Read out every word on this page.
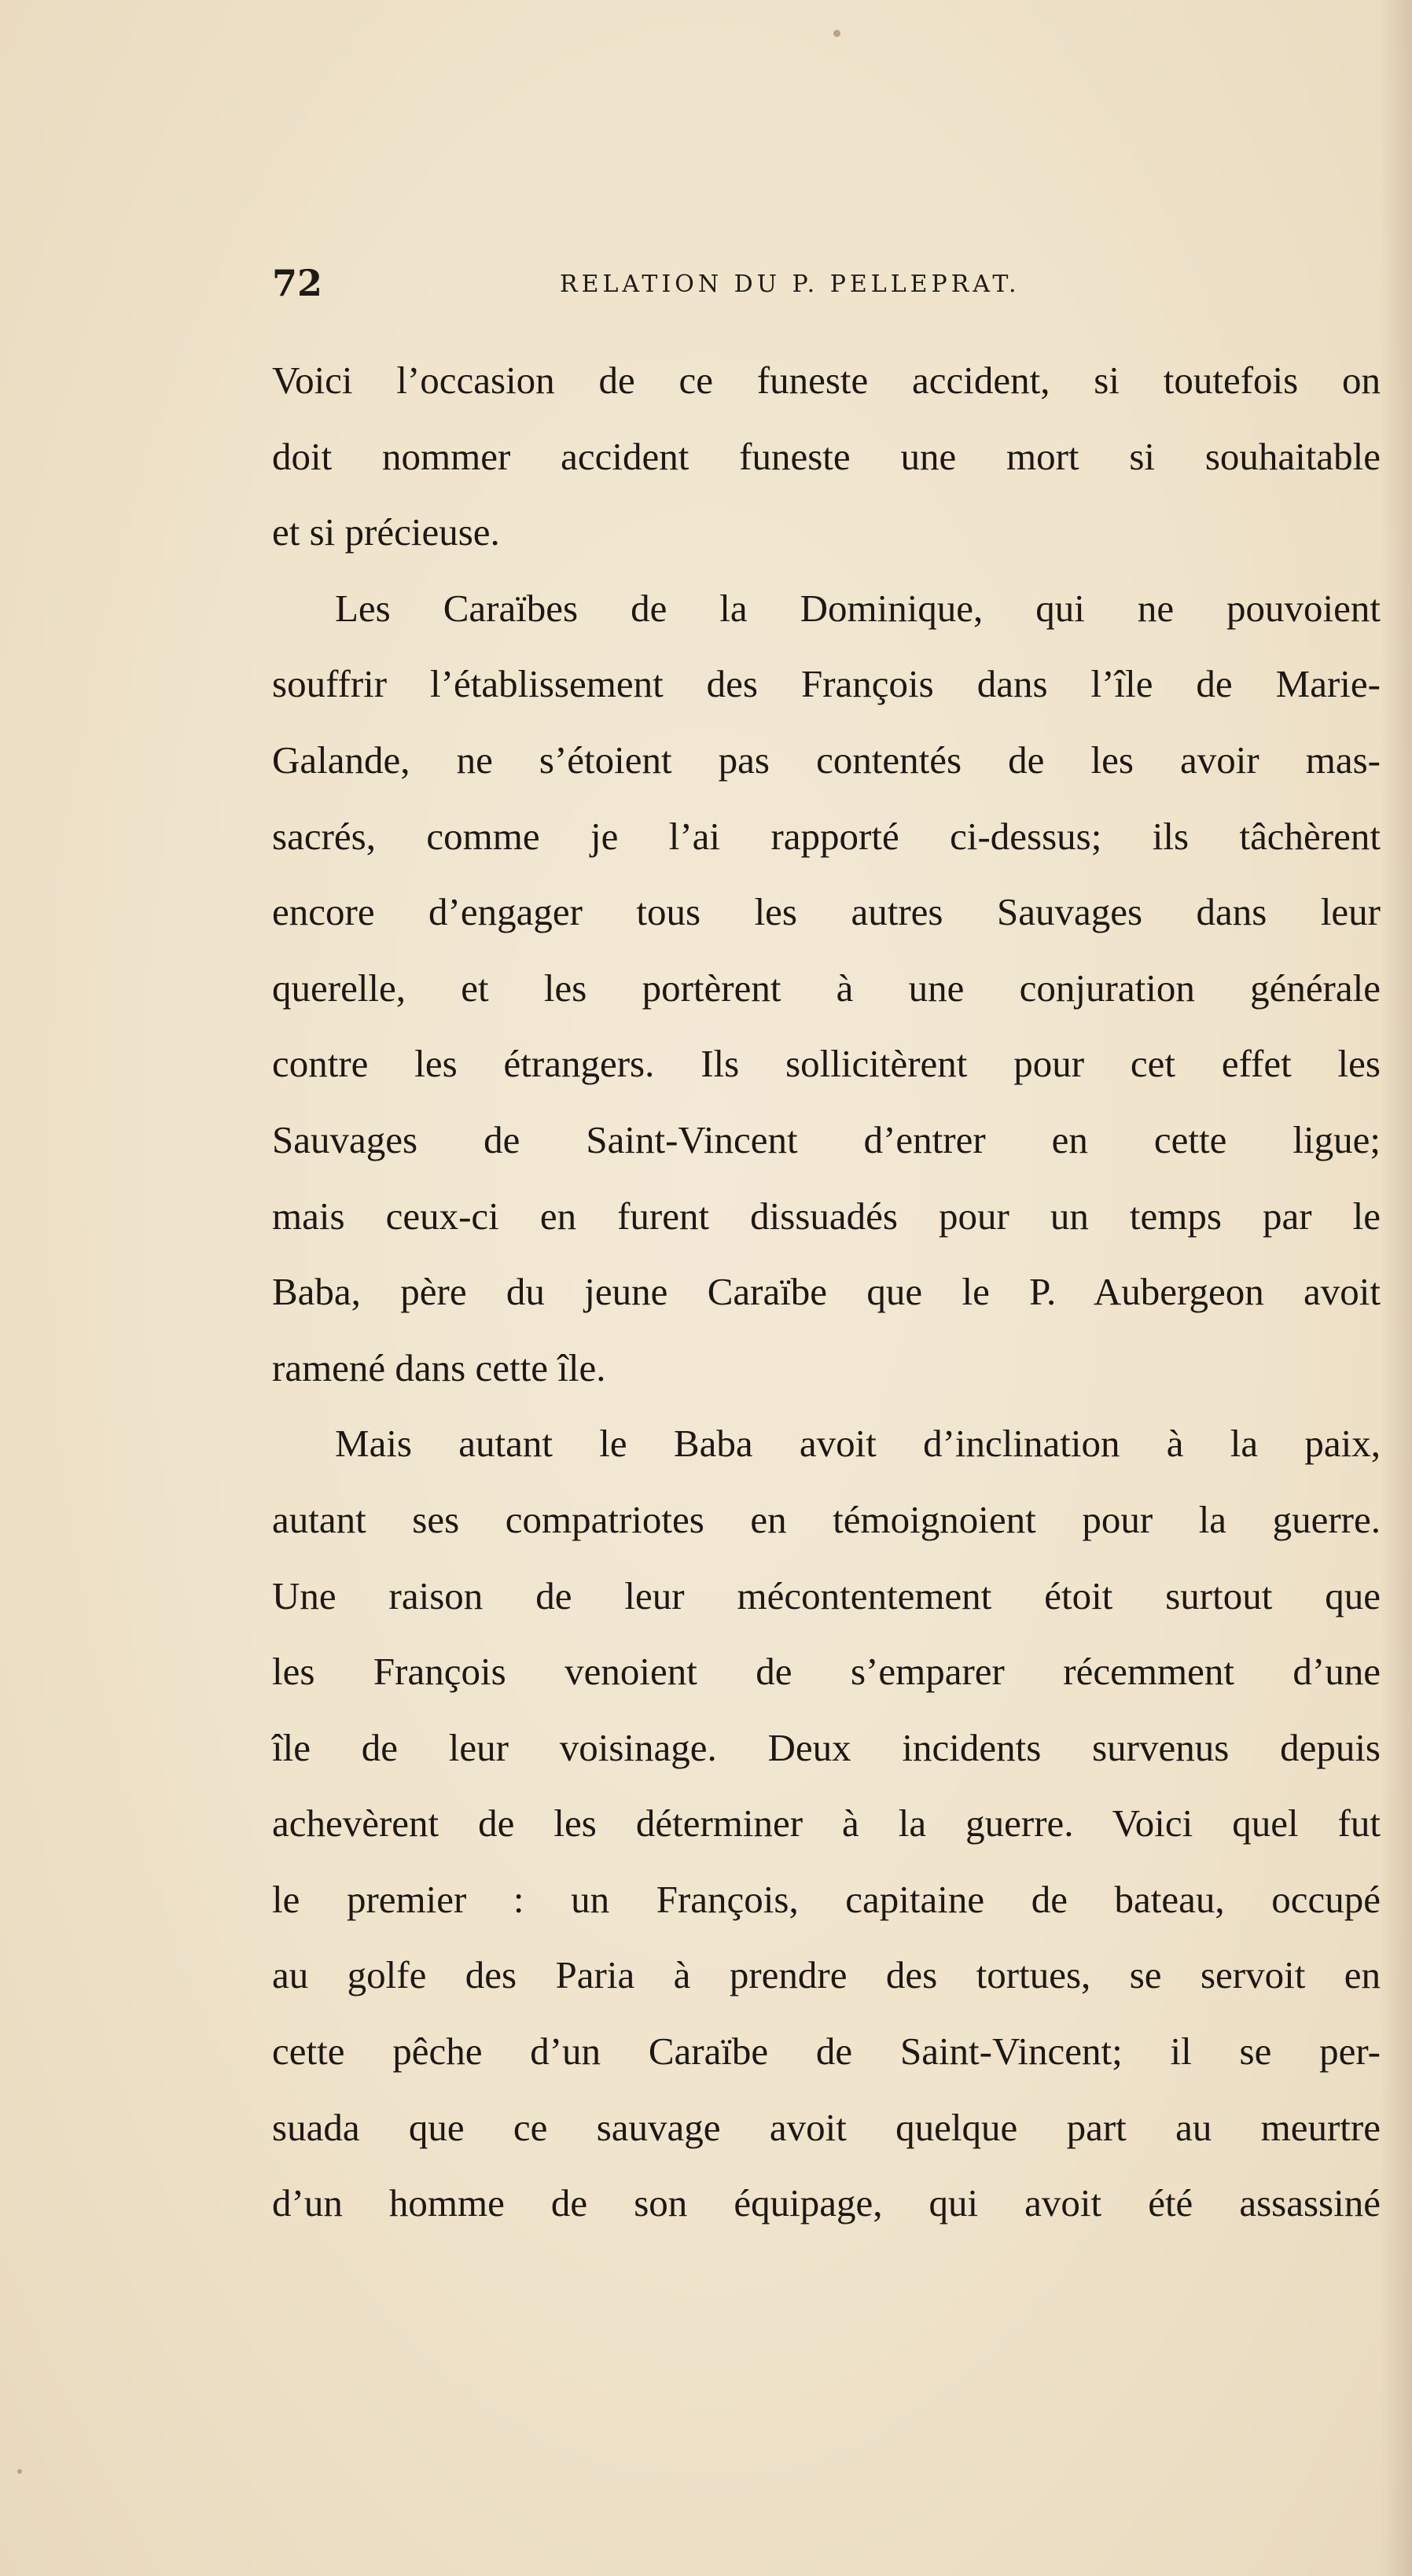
72	RELATION DU P. PELLEPRAT.
Voici l’occasion de ce funeste accident, si toutefois on
doit nommer accident funeste une mort si souhaitable
et si précieuse.
Les Caraïbes de la Dominique, qui ne pouvoient
souffrir l’établissement des François dans l’île de Marie-
Galande, ne s’étoient pas contentés de les avoir mas-
sacrés, comme je l’ai rapporté ci-dessus; ils tâchèrent
encore d’engager tous les autres Sauvages dans leur
querelle, et les portèrent à une conjuration générale
contre les étrangers. Ils sollicitèrent pour cet effet les
Sauvages de Saint-Vincent d’entrer en cette ligue;
mais ceux-ci en furent dissuadés pour un temps par le
Baba, père du jeune Caraïbe que le P. Aubergeon avoit
ramené dans cette île.
Mais autant le Baba avoit d’inclination à la paix,
autant ses compatriotes en témoignoient pour la guerre.
Une raison de leur mécontentement étoit surtout que
les François venoient de s’emparer récemment d’une
île de leur voisinage. Deux incidents survenus depuis
achevèrent de les déterminer à la guerre. Voici quel fut
le premier : un François, capitaine de bateau, occupé
au golfe des Paria à prendre des tortues, se servoit en
cette pêche d’un Caraïbe de Saint-Vincent; il se per-
suada que ce sauvage avoit quelque part au meurtre
d’un homme de son équipage, qui avoit été assassiné
